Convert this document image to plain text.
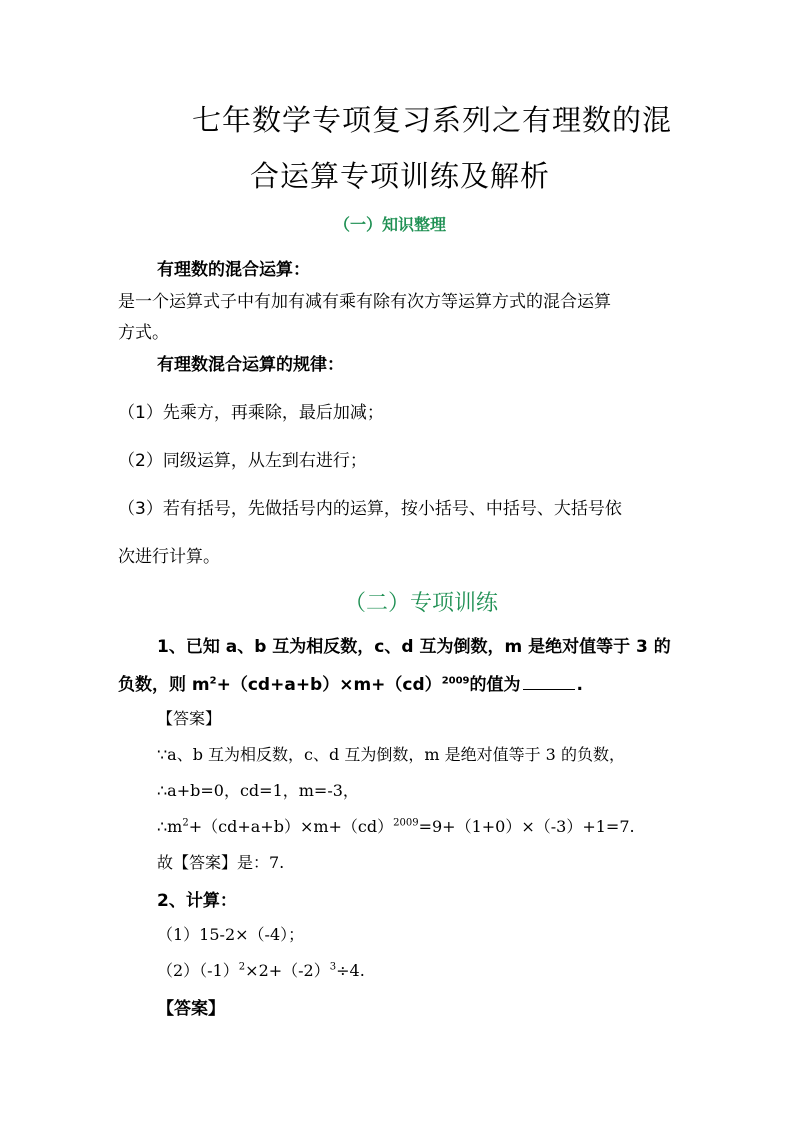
七年数学专项复习系列之有理数的混
合运算专项训练及解析
（一）知识整理
有理数的混合运算：
是一个运算式子中有加有减有乘有除有次方等运算方式的混合运算
方式。
有理数混合运算的规律：
（1）先乘方，再乘除，最后加减；
（2）同级运算，从左到右进行；
（3）若有括号，先做括号内的运算，按小括号、中括号、大括号依
次进行计算。
（二）专项训练
1、已知 a、b 互为相反数，c、d 互为倒数，m 是绝对值等于 3 的
负数，则 $m^2+(cd+a+b)\times m+(cd)^{2009}$的值为	.
【答案】
∵a、b 互为相反数，c、d 互为倒数，m 是绝对值等于 3 的负数，
∴a+b=0，cd=1，m=-3，
$\therefore m^2+(cd+a+b)\times m+(cd)^{2009}=9+(1+0)\times(-3)+1=7$.
故【答案】是：7.
2、计算：
（1）15-2×（-4）；
$(2)(-1)^2\times 2+(-2)^3\div 4$.
【答案】
